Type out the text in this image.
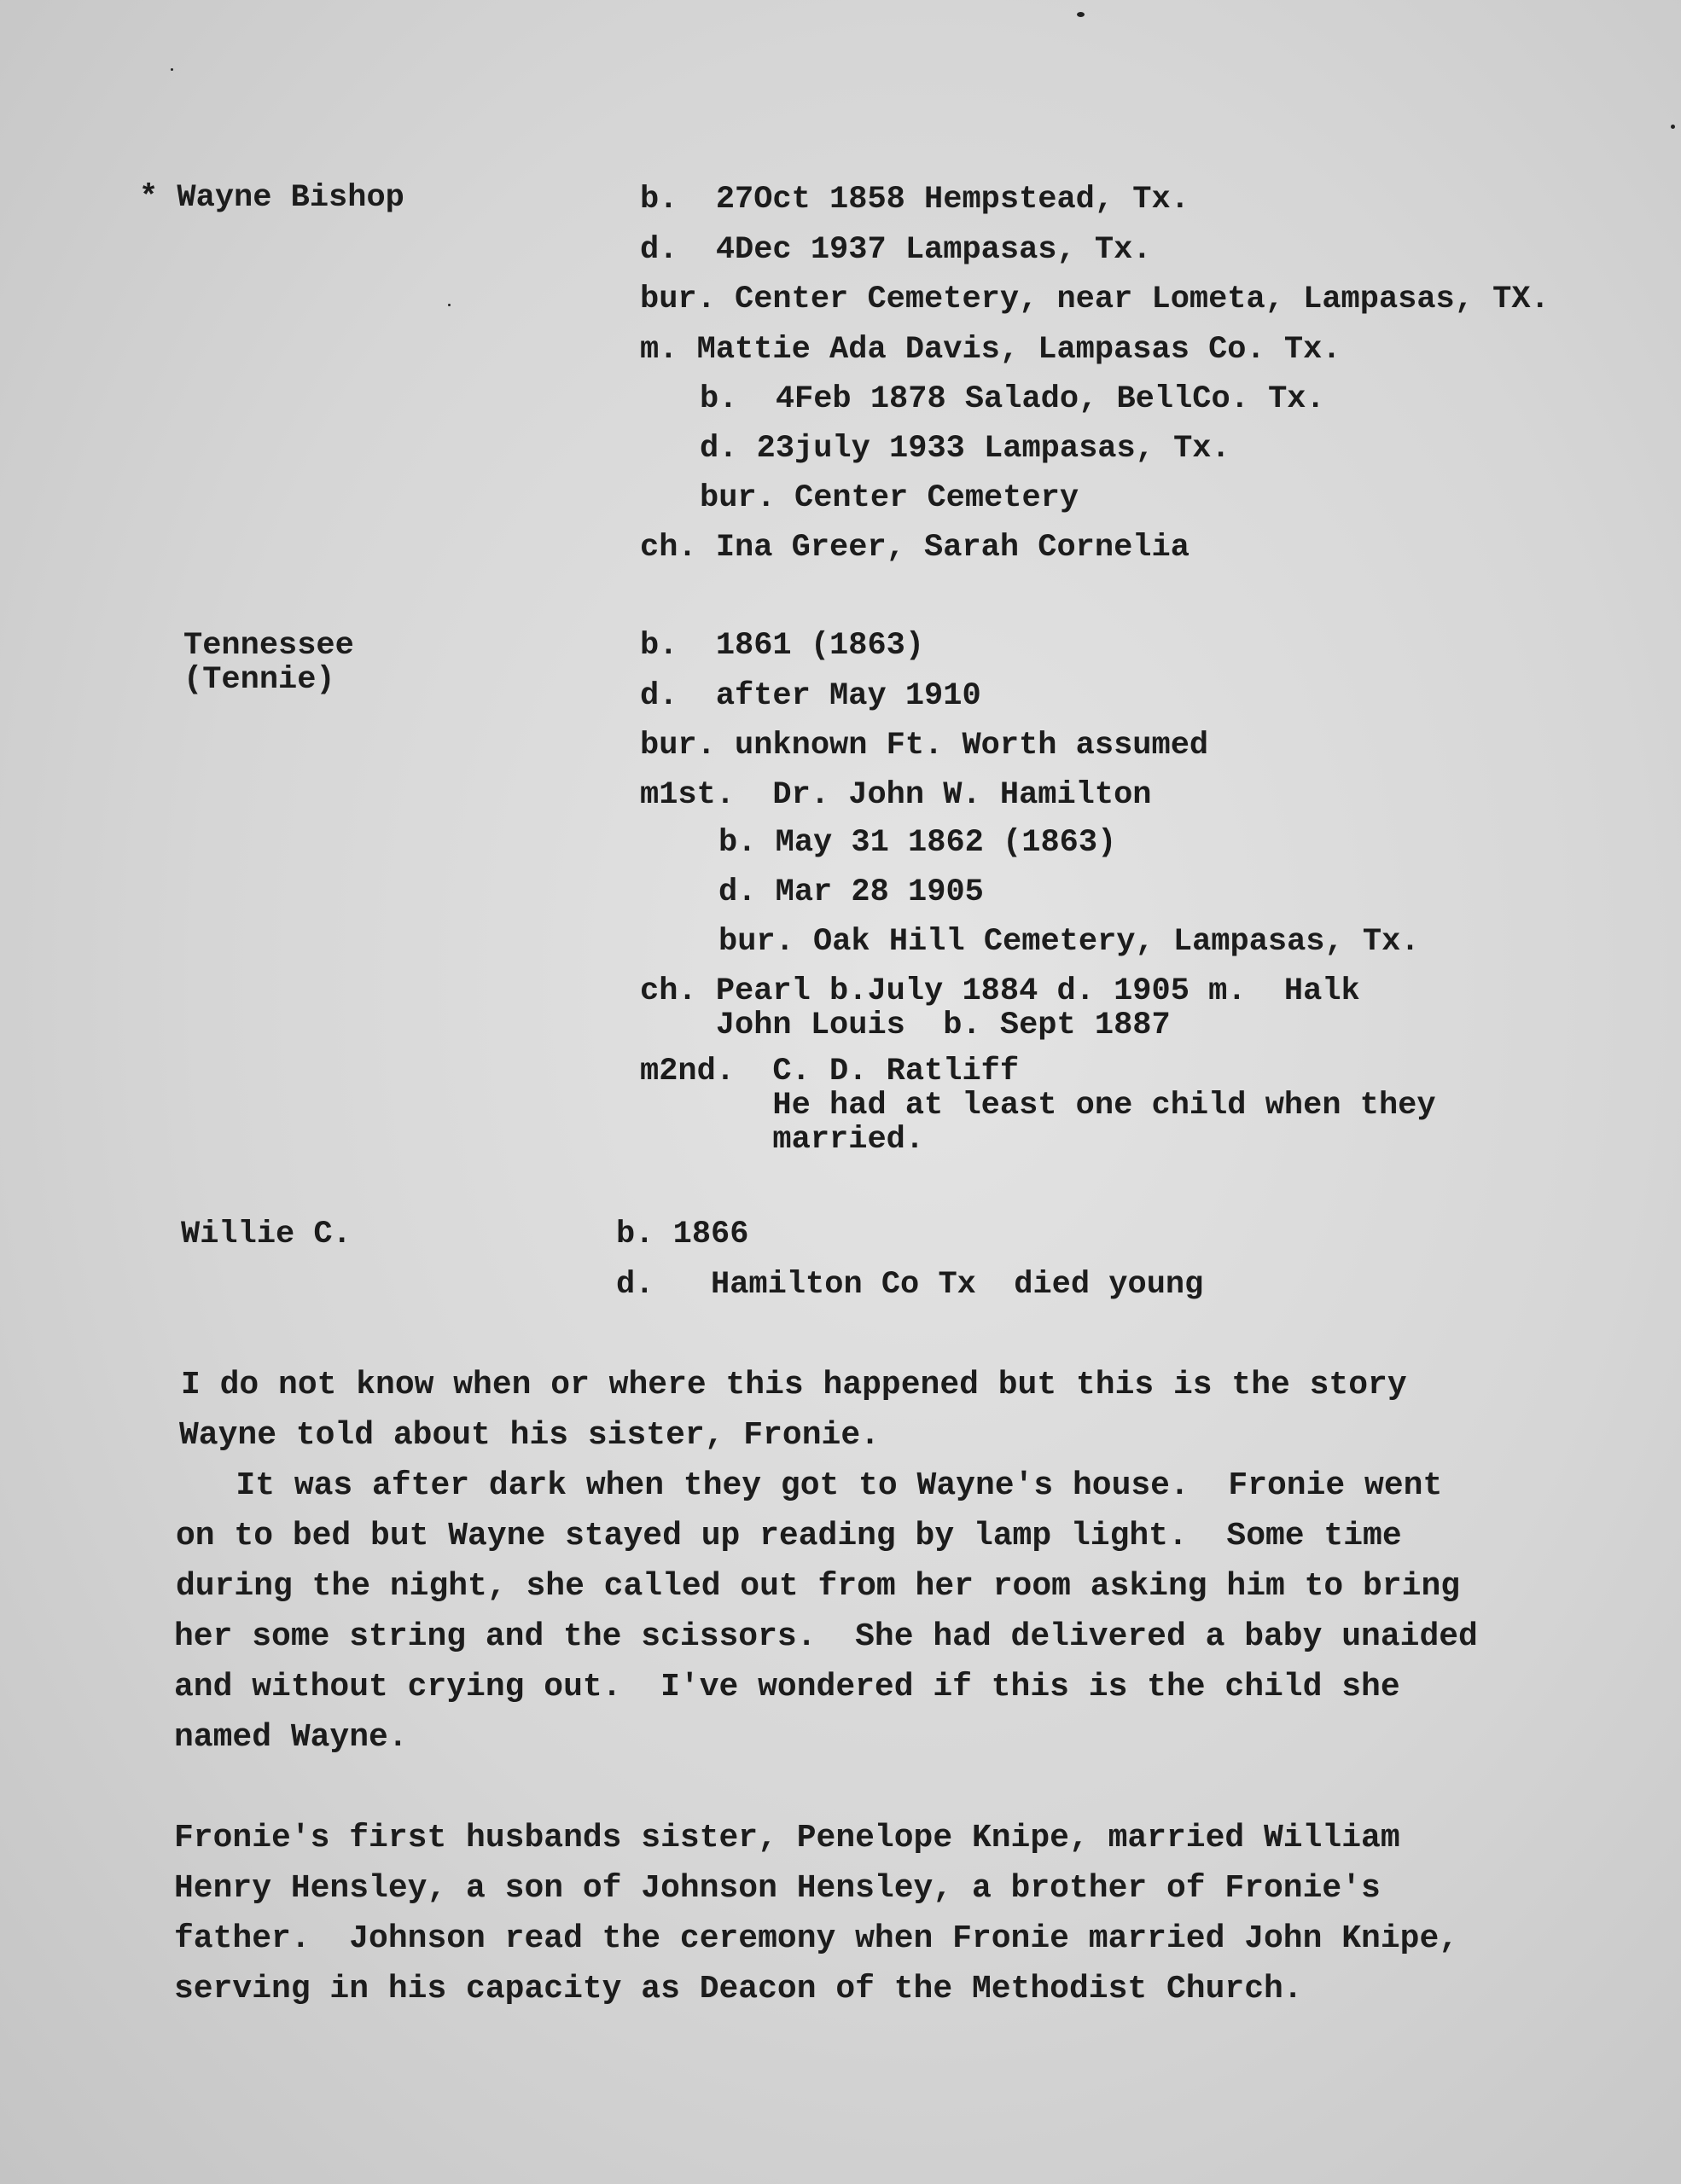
* Wayne Bishop	b.  27Oct 1858 Hempstead, Tx.
d.  4Dec 1937 Lampasas, Tx.
bur. Center Cemetery, near Lometa, Lampasas, TX.
m. Mattie Ada Davis, Lampasas Co. Tx.
b.  4Feb 1878 Salado, BellCo. Tx.
d. 23july 1933 Lampasas, Tx.
bur. Center Cemetery
ch. Ina Greer, Sarah Cornelia
Tennessee
(Tennie)
b.  1861 (1863)
d.  after May 1910
bur. unknown Ft. Worth assumed
m1st.  Dr. John W. Hamilton
b. May 31 1862 (1863)
d. Mar 28 1905
bur. Oak Hill Cemetery, Lampasas, Tx.
ch. Pearl b.July 1884 d. 1905 m.  Halk
John Louis  b. Sept 1887
m2nd.  C. D. Ratliff
He had at least one child when they
married.
Willie C.	b. 1866
d.   Hamilton Co Tx  died young
I do not know when or where this happened but this is the story
Wayne told about his sister, Fronie.
It was after dark when they got to Wayne's house.  Fronie went
on to bed but Wayne stayed up reading by lamp light.  Some time
during the night, she called out from her room asking him to bring
her some string and the scissors.  She had delivered a baby unaided
and without crying out.  I've wondered if this is the child she
named Wayne.
Fronie's first husbands sister, Penelope Knipe, married William
Henry Hensley, a son of Johnson Hensley, a brother of Fronie's
father.  Johnson read the ceremony when Fronie married John Knipe,
serving in his capacity as Deacon of the Methodist Church.
